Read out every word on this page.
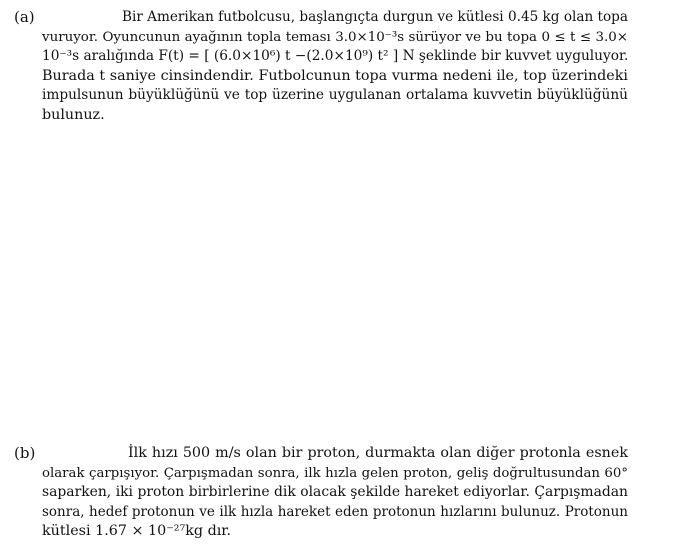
(a)	Bir Amerikan futbolcusu, başlangıçta durgun ve kütlesi 0.45 kg olan topa
vuruyor. Oyuncunun ayağının topla teması 3.0×10⁻³s sürüyor ve bu topa 0 ≤ t ≤ 3.0×
10⁻³s aralığında F(t) = [ (6.0×10⁶) t −(2.0×10⁹) t² ] N şeklinde bir kuvvet uyguluyor.
Burada t saniye cinsindendir. Futbolcunun topa vurma nedeni ile, top üzerindeki
impulsunun büyüklüğünü ve top üzerine uygulanan ortalama kuvvetin büyüklüğünü
bulunuz.
(b)	İlk hızı 500 m/s olan bir proton, durmakta olan diğer protonla esnek
olarak çarpışıyor. Çarpışmadan sonra, ilk hızla gelen proton, geliş doğrultusundan 60°
saparken, iki proton birbirlerine dik olacak şekilde hareket ediyorlar. Çarpışmadan
sonra, hedef protonun ve ilk hızla hareket eden protonun hızlarını bulunuz. Protonun
kütlesi 1.67 × 10⁻²⁷kg dır.
